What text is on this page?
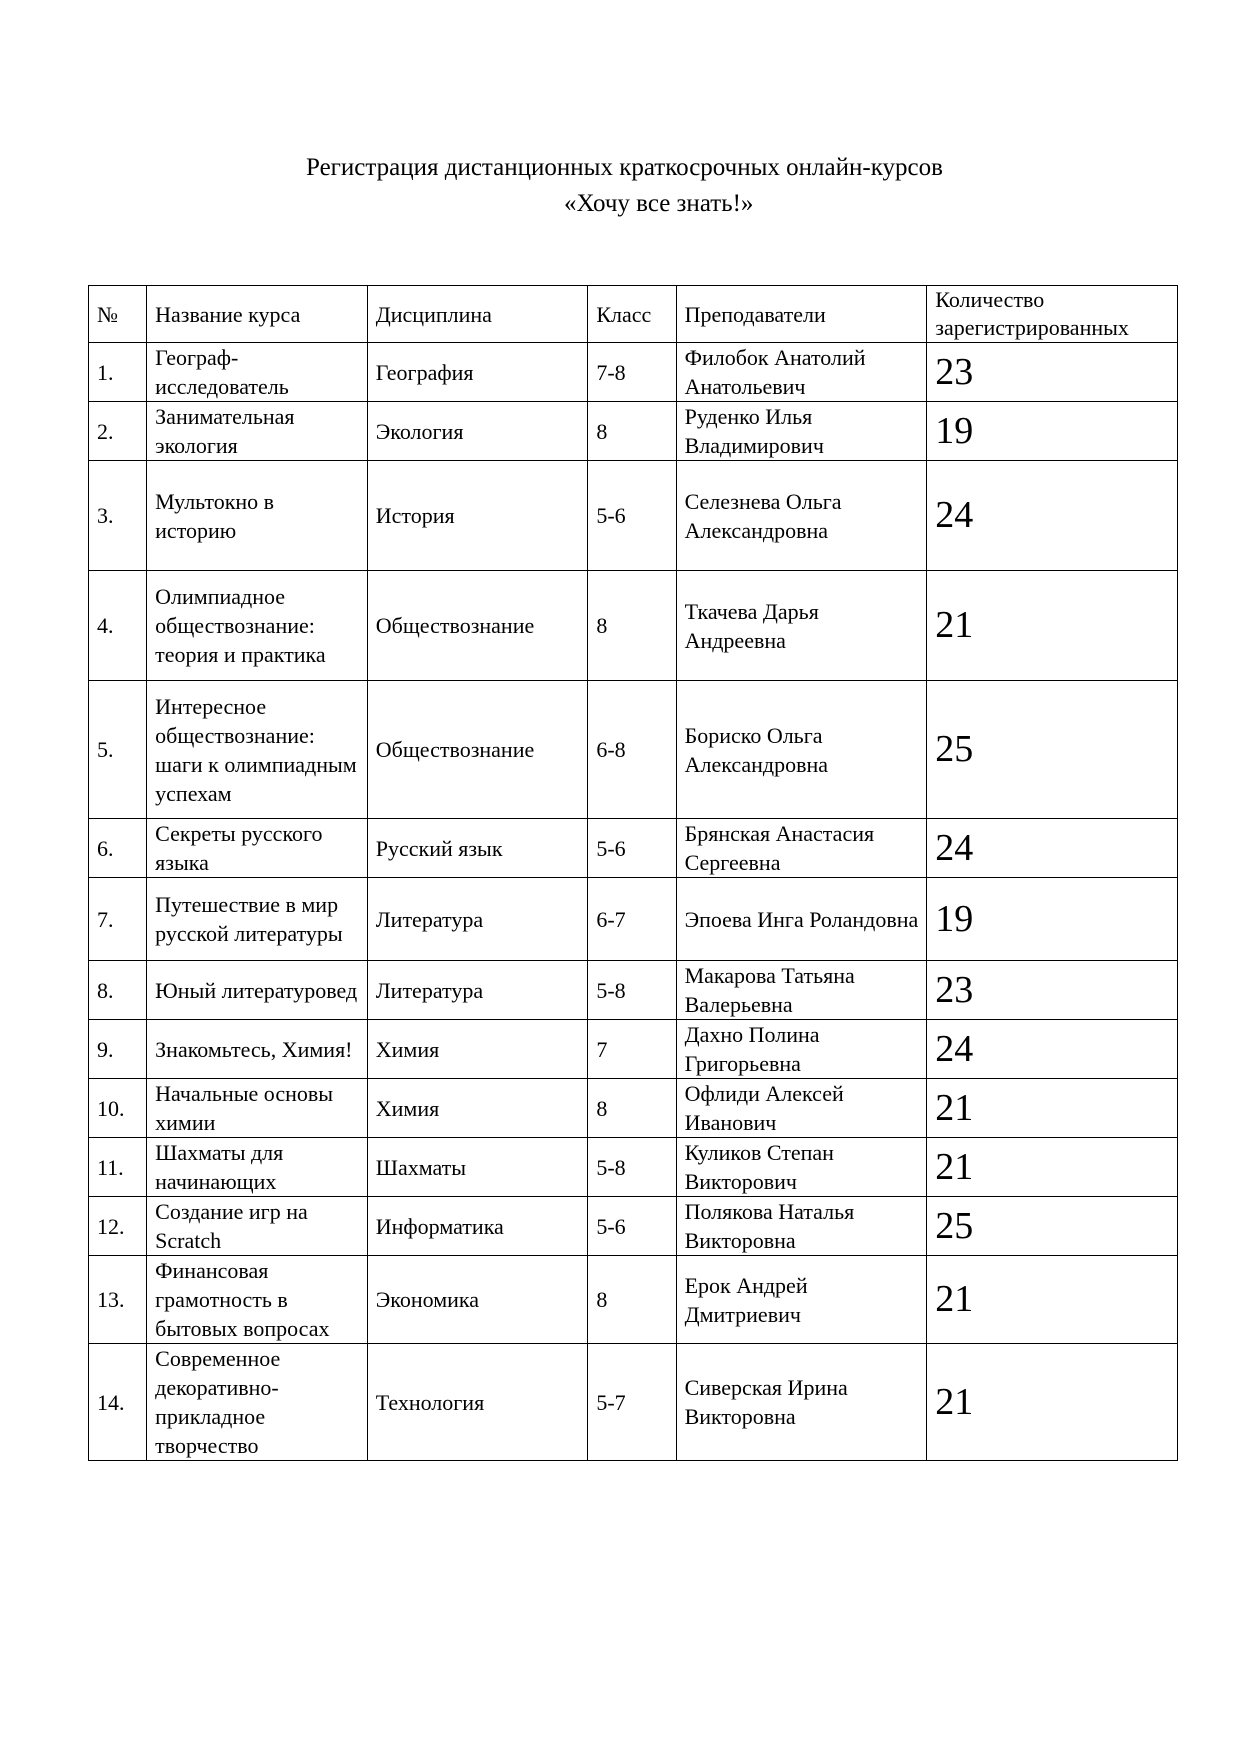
Регистрация дистанционных краткосрочных онлайн-курсов
«Хочу все знать!»
№	Название курса	Дисциплина	Класс	Преподаватели	Количество
зарегистрированных
1.	Географ-исследователь	География	7-8	Филобок Анатолий Анатольевич	23
2.	Занимательная экология	Экология	8	Руденко Илья Владимирович	19
3.	Мультокно в историю	История	5-6	Селезнева Ольга Александровна	24
4.	Олимпиадное обществознание: теория и практика	Обществознание	8	Ткачева Дарья Андреевна	21
5.	Интересное обществознание: шаги к олимпиадным успехам	Обществознание	6-8	Бориско Ольга Александровна	25
6.	Секреты русского языка	Русский язык	5-6	Брянская Анастасия Сергеевна	24
7.	Путешествие в мир русской литературы	Литература	6-7	Эпоева Инга Роландовна	19
8.	Юный литературовед	Литература	5-8	Макарова Татьяна Валерьевна	23
9.	Знакомьтесь, Химия!	Химия	7	Дахно Полина Григорьевна	24
10.	Начальные основы химии	Химия	8	Офлиди Алексей Иванович	21
11.	Шахматы для начинающих	Шахматы	5-8	Куликов Степан Викторович	21
12.	Создание игр на Scratch	Информатика	5-6	Полякова Наталья Викторовна	25
13.	Финансовая грамотность в бытовых вопросах	Экономика	8	Ерок Андрей Дмитриевич	21
14.	Современное декоративно-прикладное творчество	Технология	5-7	Сиверская Ирина Викторовна	21
